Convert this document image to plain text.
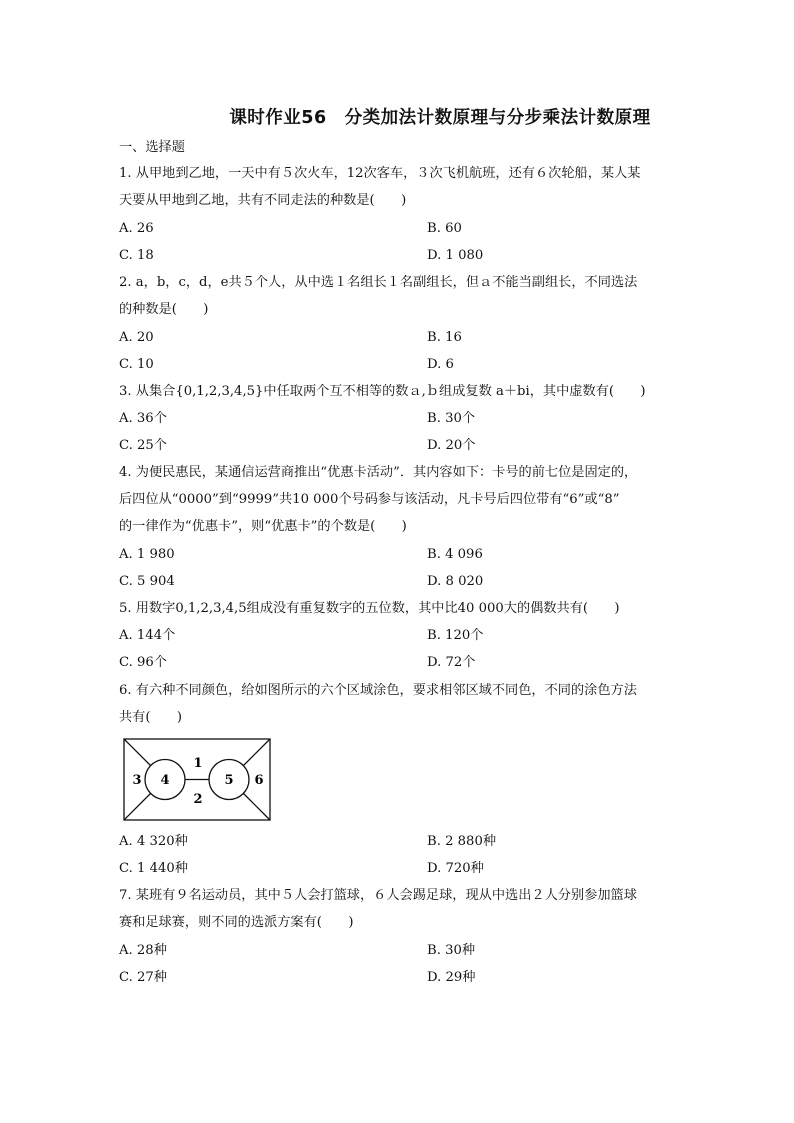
课时作业56　分类加法计数原理与分步乘法计数原理
一、选择题
1. 从甲地到乙地，一天中有５次火车，12次客车，３次飞机航班，还有６次轮船，某人某
天要从甲地到乙地，共有不同走法的种数是(　　)
A. 26	B. 60
C. 18	D. 1 080
2. a，b，c，d，e共５个人，从中选１名组长１名副组长，但ａ不能当副组长，不同选法
的种数是(　　)
A. 20	B. 16
C. 10	D. 6
3. 从集合{0,1,2,3,4,5}中任取两个互不相等的数ａ,ｂ组成复数 a＋bi，其中虚数有(　　)
A. 36个	B. 30个
C. 25个	D. 20个
4. 为便民惠民，某通信运营商推出“优惠卡活动”．其内容如下：卡号的前七位是固定的，
后四位从“0000”到“9999”共10 000个号码参与该活动，凡卡号后四位带有“6”或“8”
的一律作为“优惠卡”，则“优惠卡”的个数是(　　)
A. 1 980	B. 4 096
C. 5 904	D. 8 020
5. 用数字0,1,2,3,4,5组成没有重复数字的五位数，其中比40 000大的偶数共有(　　)
A. 144个	B. 120个
C. 96个	D. 72个
6. 有六种不同颜色，给如图所示的六个区域涂色，要求相邻区域不同色，不同的涂色方法
共有(　　)
1
2
3 4	5 6
A. 4 320种	B. 2 880种
C. 1 440种	D. 720种
7. 某班有９名运动员，其中５人会打篮球，６人会踢足球，现从中选出２人分别参加篮球
赛和足球赛，则不同的选派方案有(　　)
A. 28种	B. 30种
C. 27种	D. 29种
